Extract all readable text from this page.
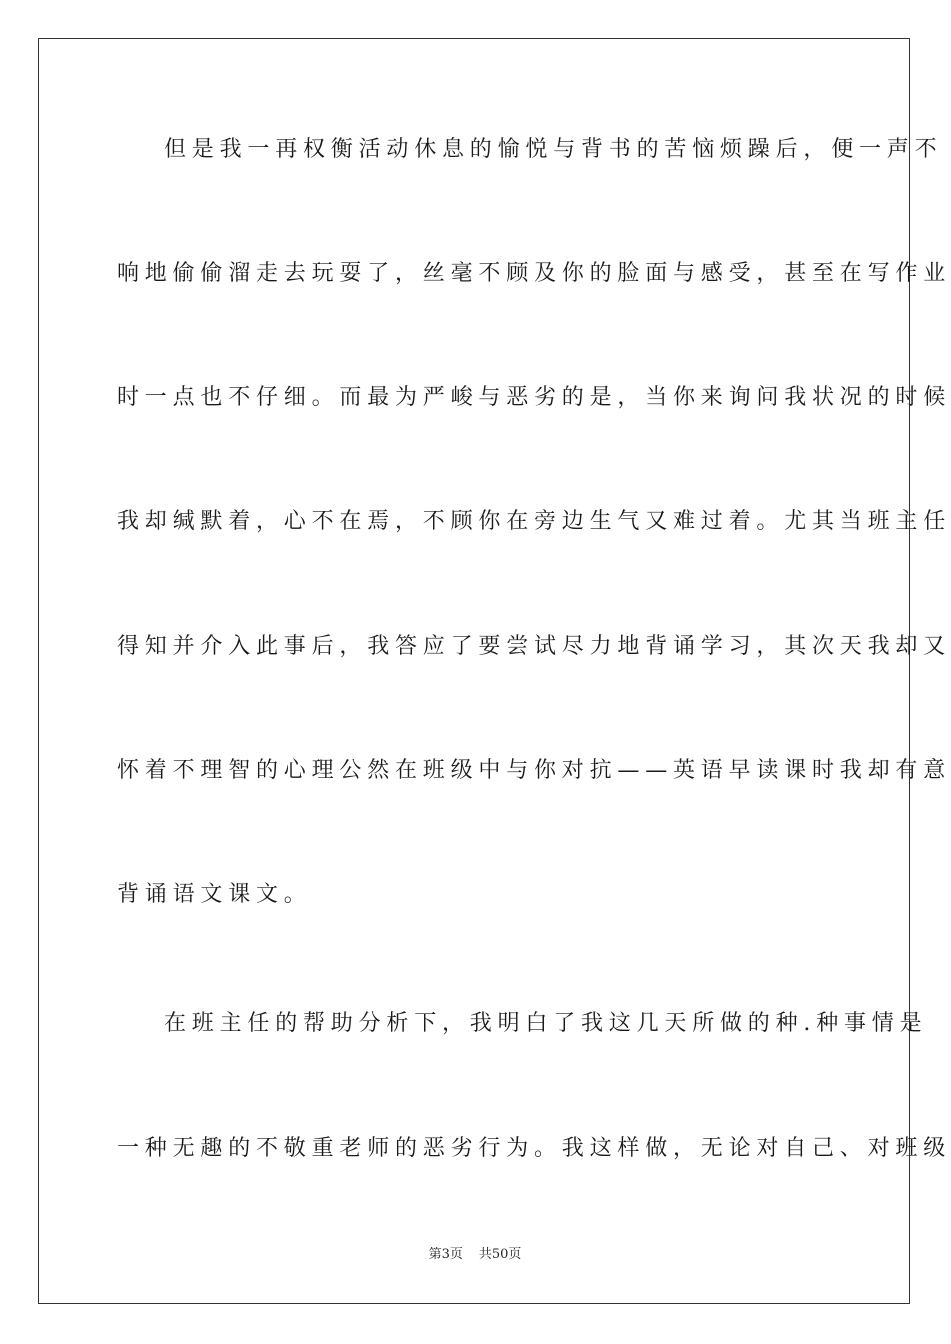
但是我一再权衡活动休息的愉悦与背书的苦恼烦躁后，便一声不
响地偷偷溜走去玩耍了，丝毫不顾及你的脸面与感受，甚至在写作业
时一点也不仔细。而最为严峻与恶劣的是，当你来询问我状况的时候
我却缄默着，心不在焉，不顾你在旁边生气又难过着。尤其当班主任
得知并介入此事后，我答应了要尝试尽力地背诵学习，其次天我却又
怀着不理智的心理公然在班级中与你对抗——英语早读课时我却有意
背诵语文课文。
在班主任的帮助分析下，我明白了我这几天所做的种.种事情是
一种无趣的不敬重老师的恶劣行为。我这样做，无论对自己、对班级
第3页 共50页
